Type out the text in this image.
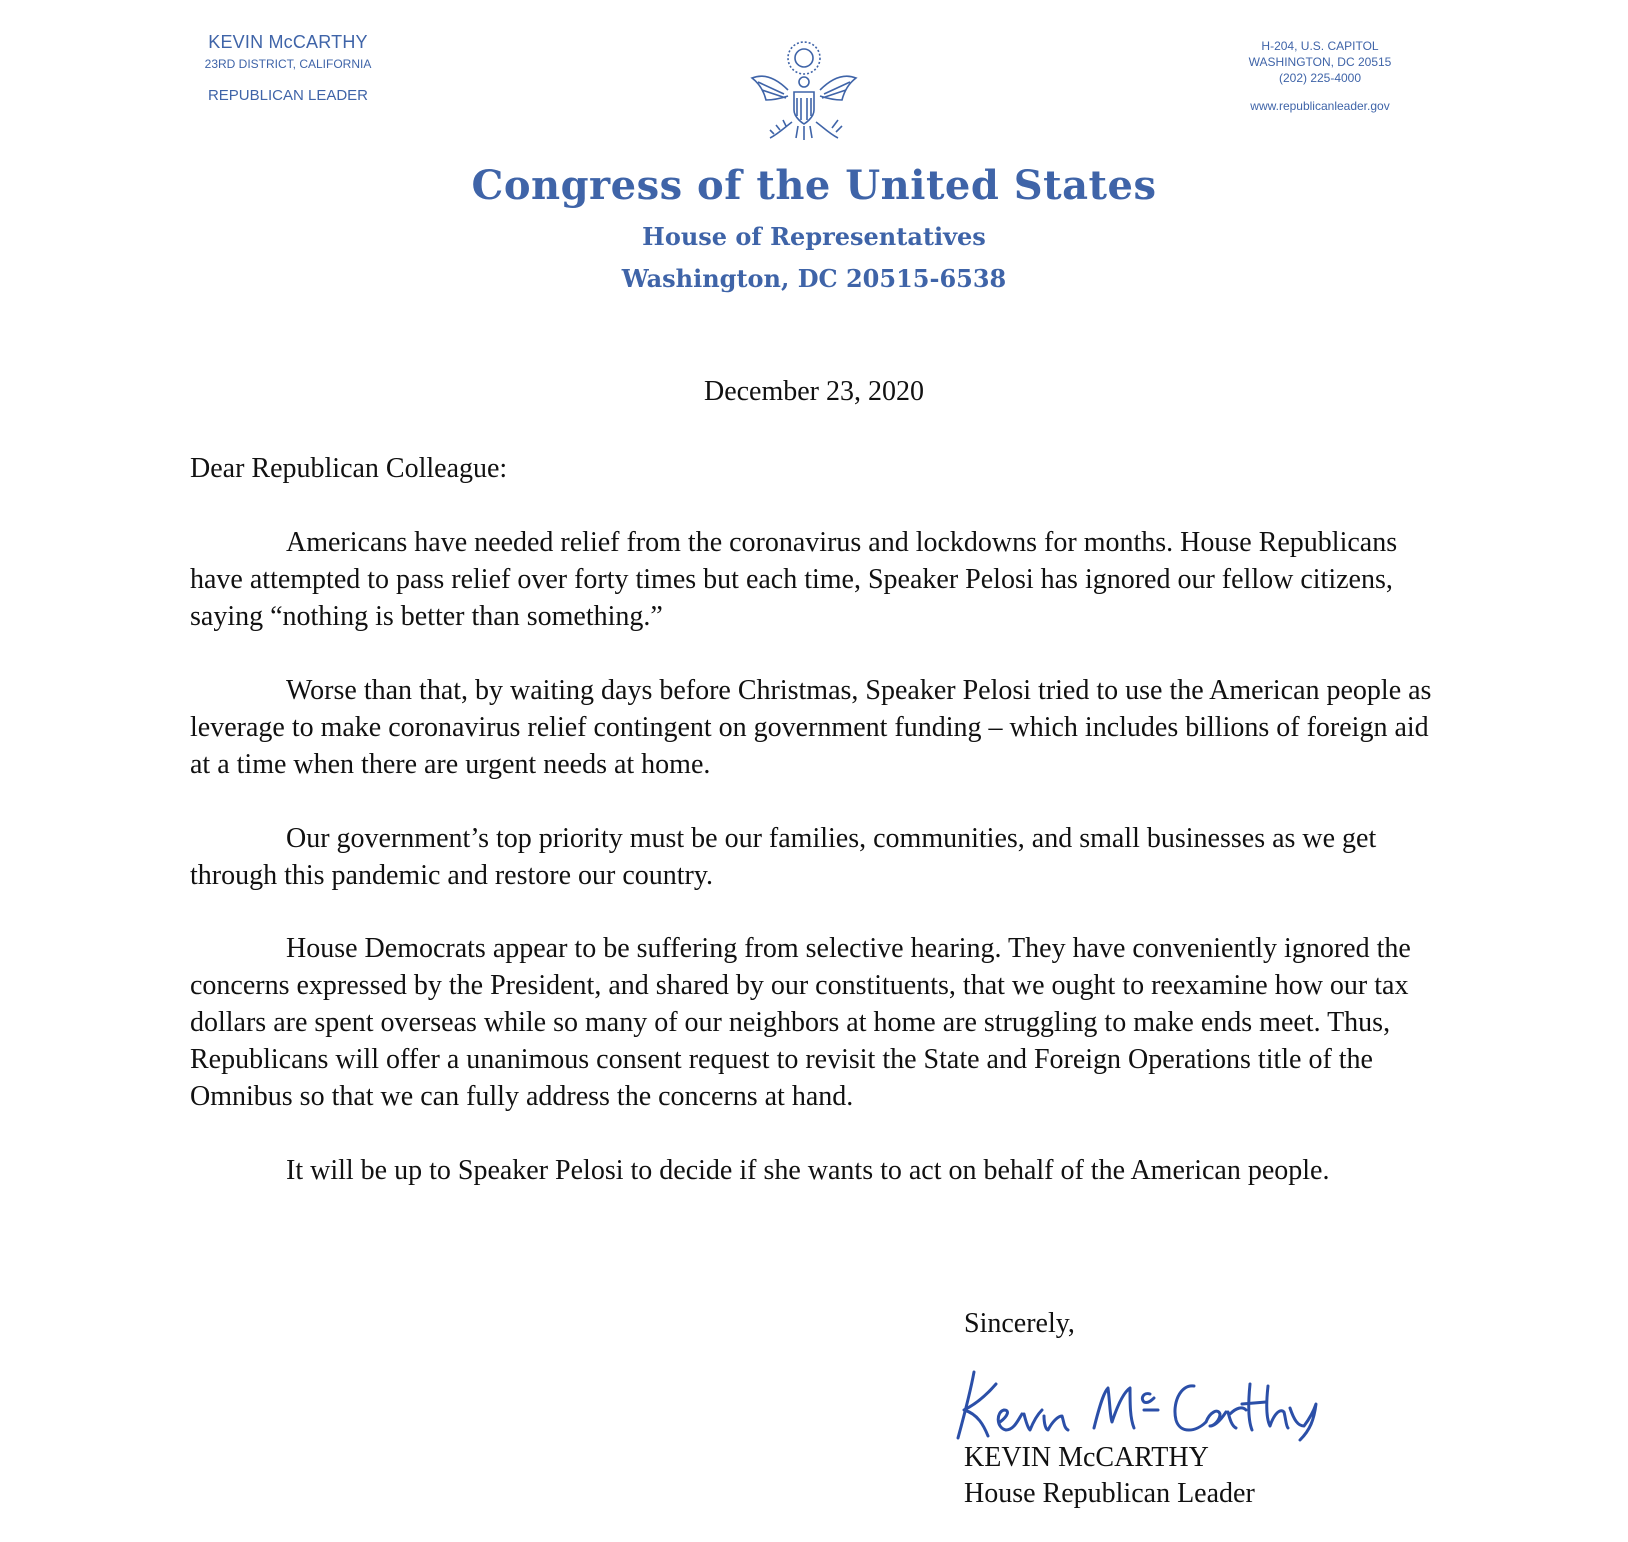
KEVIN McCARTHY
23RD DISTRICT, CALIFORNIA
REPUBLICAN LEADER
H-204, U.S. CAPITOL
WASHINGTON, DC 20515
(202) 225-4000
www.republicanleader.gov
Congress of the United States
House of Representatives
Washington, DC 20515-6538
December 23, 2020
Dear Republican Colleague:

Americans have needed relief from the coronavirus and lockdowns for months. House Republicans have attempted to pass relief over forty times but each time, Speaker Pelosi has ignored our fellow citizens, saying “nothing is better than something.”

Worse than that, by waiting days before Christmas, Speaker Pelosi tried to use the American people as leverage to make coronavirus relief contingent on government funding – which includes billions of foreign aid at a time when there are urgent needs at home.

Our government’s top priority must be our families, communities, and small businesses as we get through this pandemic and restore our country.

House Democrats appear to be suffering from selective hearing. They have conveniently ignored the concerns expressed by the President, and shared by our constituents, that we ought to reexamine how our tax dollars are spent overseas while so many of our neighbors at home are struggling to make ends meet. Thus, Republicans will offer a unanimous consent request to revisit the State and Foreign Operations title of the Omnibus so that we can fully address the concerns at hand.

It will be up to Speaker Pelosi to decide if she wants to act on behalf of the American people.

Sincerely,
KEVIN McCARTHY
House Republican Leader
